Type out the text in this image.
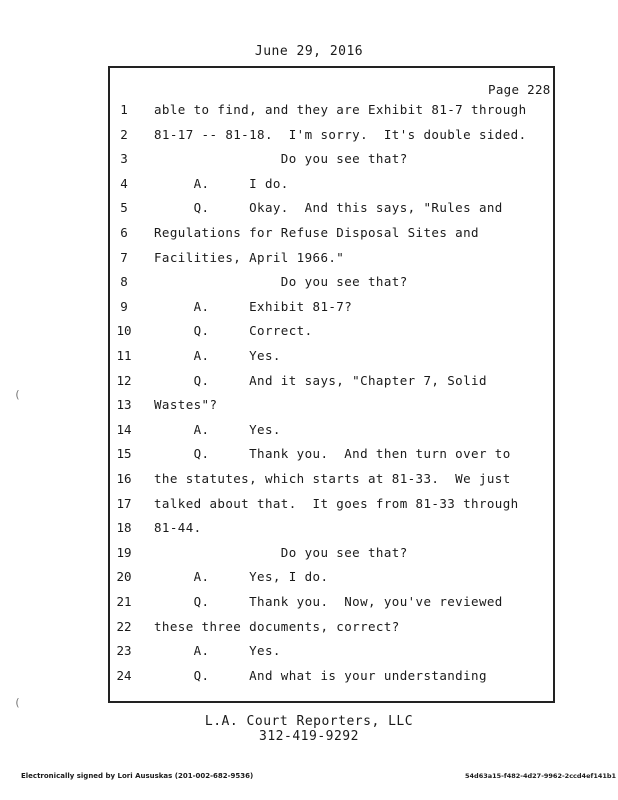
June 29, 2016
Page 228
1	able to find, and they are Exhibit 81-7 through
2	81-17 -- 81-18.  I'm sorry.  It's double sided.
3	Do you see that?
4	A.     I do.
5	Q.     Okay.  And this says, "Rules and
6	Regulations for Refuse Disposal Sites and
7	Facilities, April 1966."
8	Do you see that?
9	A.     Exhibit 81-7?
10	Q.     Correct.
11	A.     Yes.
12	Q.     And it says, "Chapter 7, Solid
13	Wastes"?
14	A.     Yes.
15	Q.     Thank you.  And then turn over to
16	the statutes, which starts at 81-33.  We just
17	talked about that.  It goes from 81-33 through
18	81-44.
19	Do you see that?
20	A.     Yes, I do.
21	Q.     Thank you.  Now, you've reviewed
22	these three documents, correct?
23	A.     Yes.
24	Q.     And what is your understanding
L.A. Court Reporters, LLC
312-419-9292
Electronically signed by Lori Aususkas (201-002-682-9536)	54d63a15-f482-4d27-9962-2ccd4ef141b1
(
(
